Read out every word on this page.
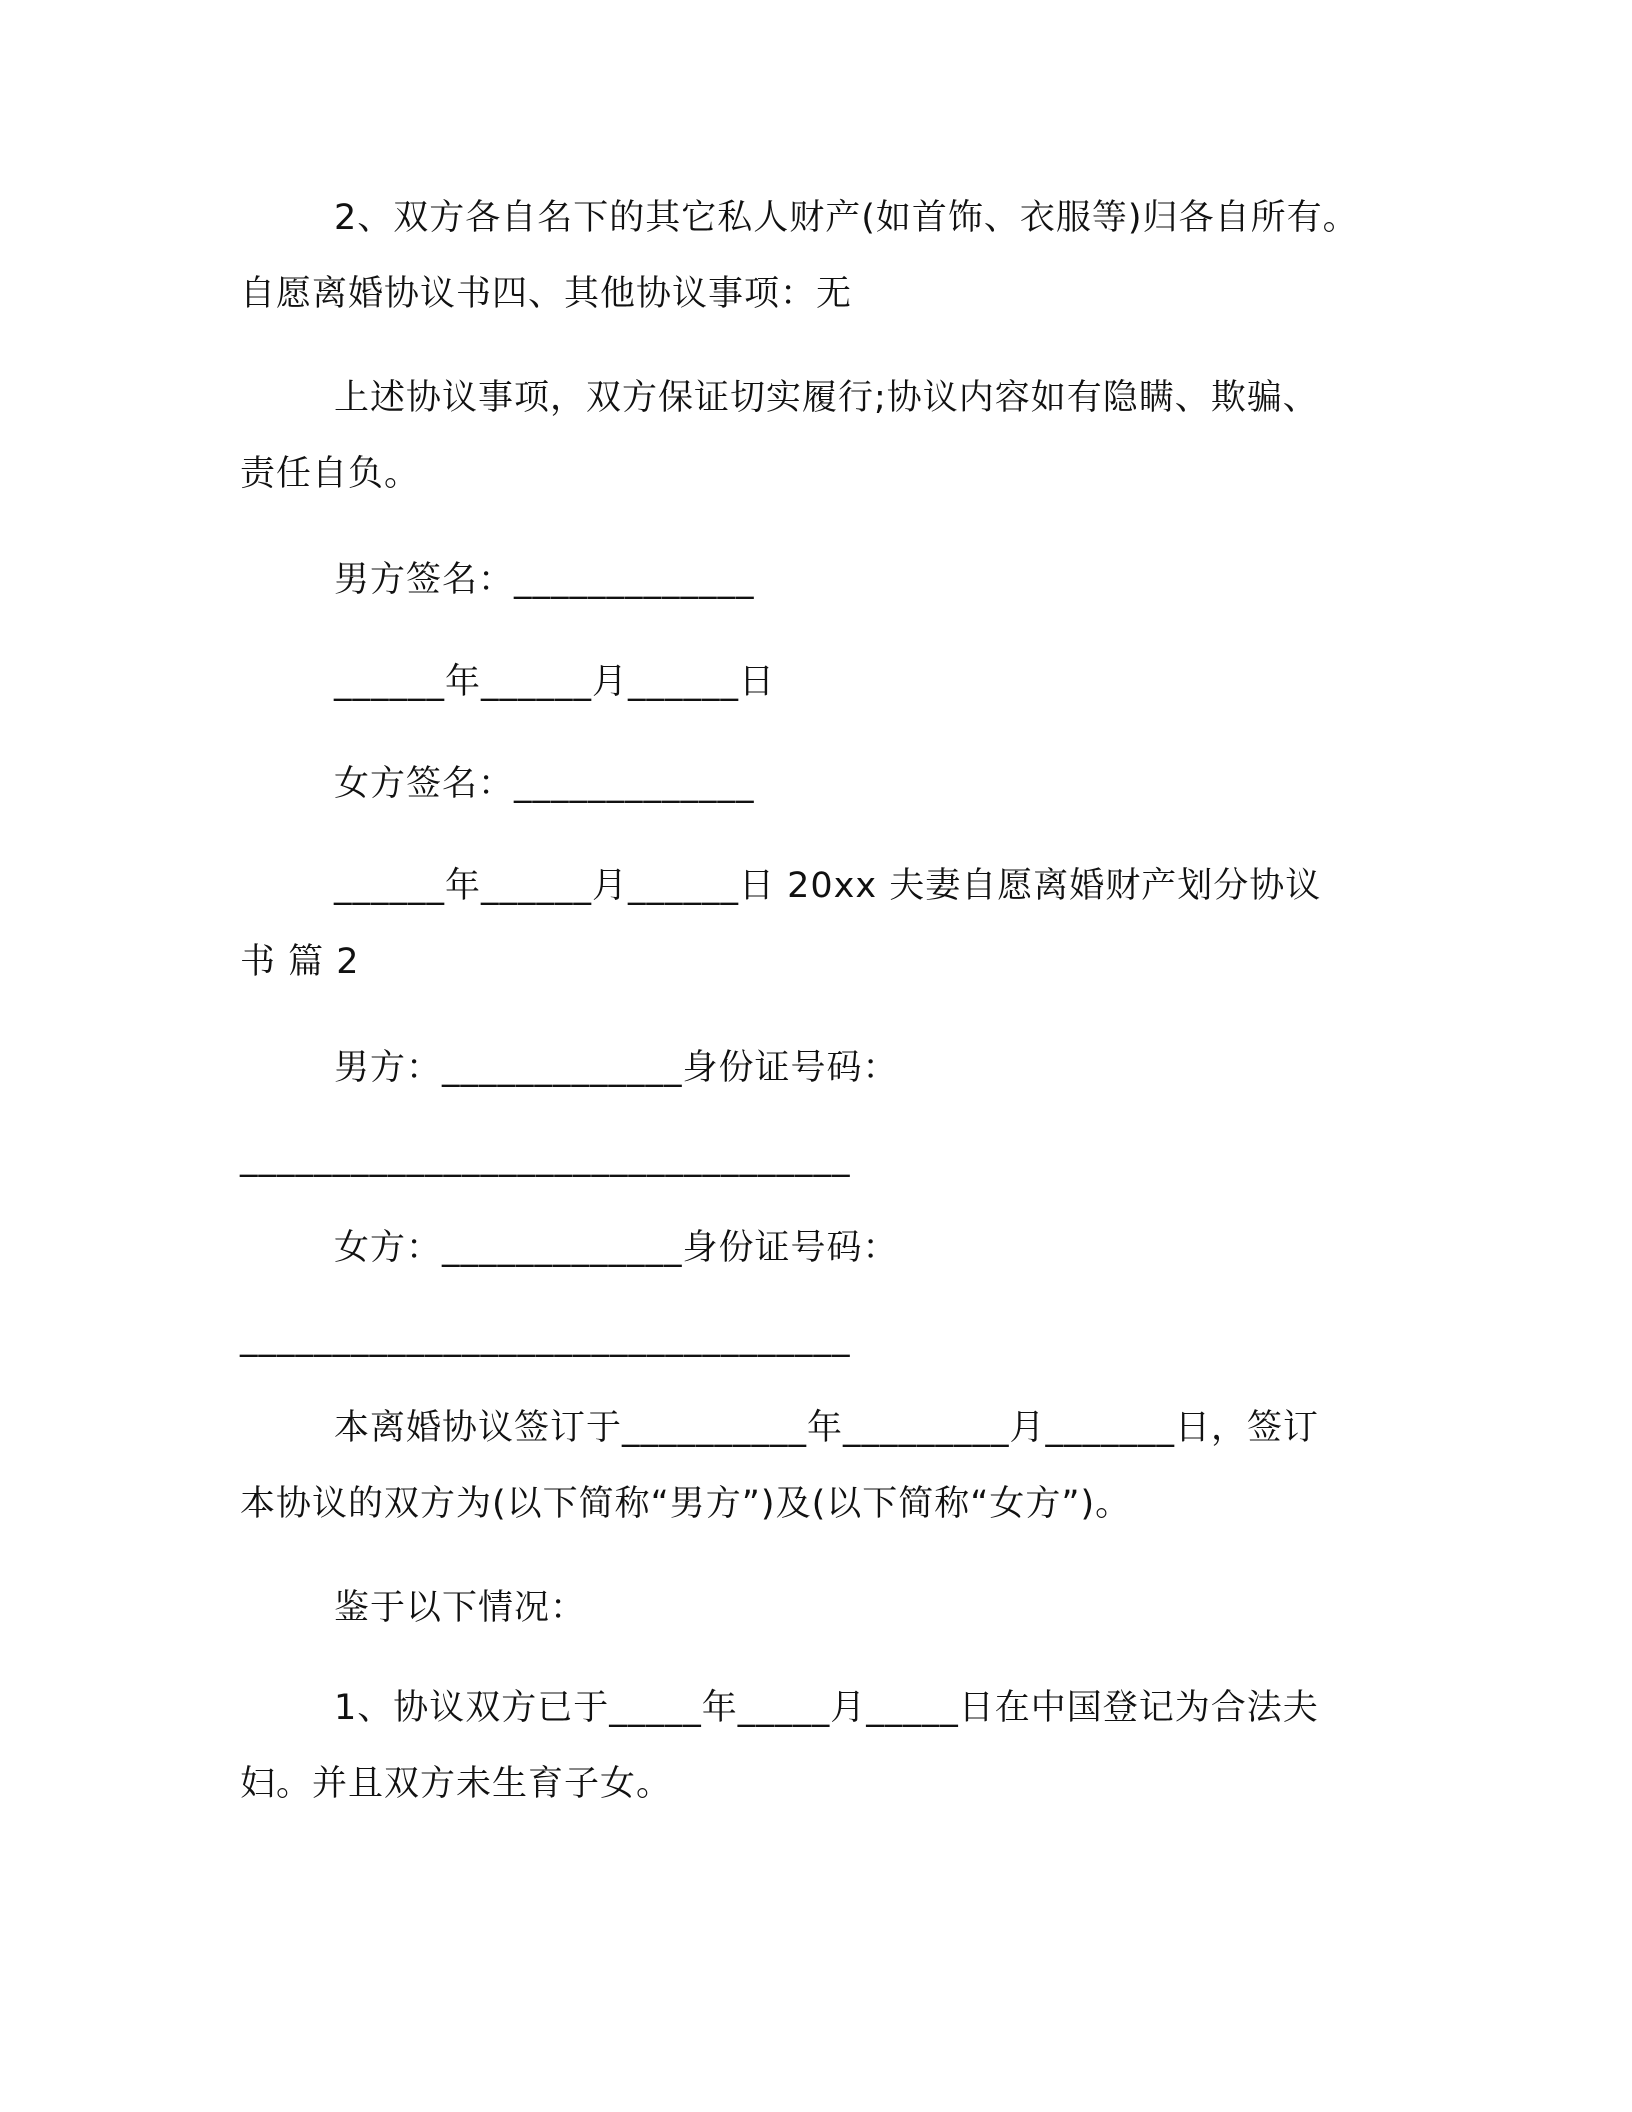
2、双方各自名下的其它私人财产(如首饰、衣服等)归各自所有。
自愿离婚协议书四、其他协议事项：无
上述协议事项，双方保证切实履行;协议内容如有隐瞒、欺骗、
责任自负。
男方签名：_____________
______年______月______日
女方签名：_____________
______年______月______日 20xx 夫妻自愿离婚财产划分协议
书 篇 2
男方：_____________身份证号码：
_________________________________
女方：_____________身份证号码：
_________________________________
本离婚协议签订于__________年_________月_______日，签订
本协议的双方为(以下简称“男方”)及(以下简称“女方”)。
鉴于以下情况：
1、协议双方已于_____年_____月_____日在中国登记为合法夫
妇。并且双方未生育子女。
